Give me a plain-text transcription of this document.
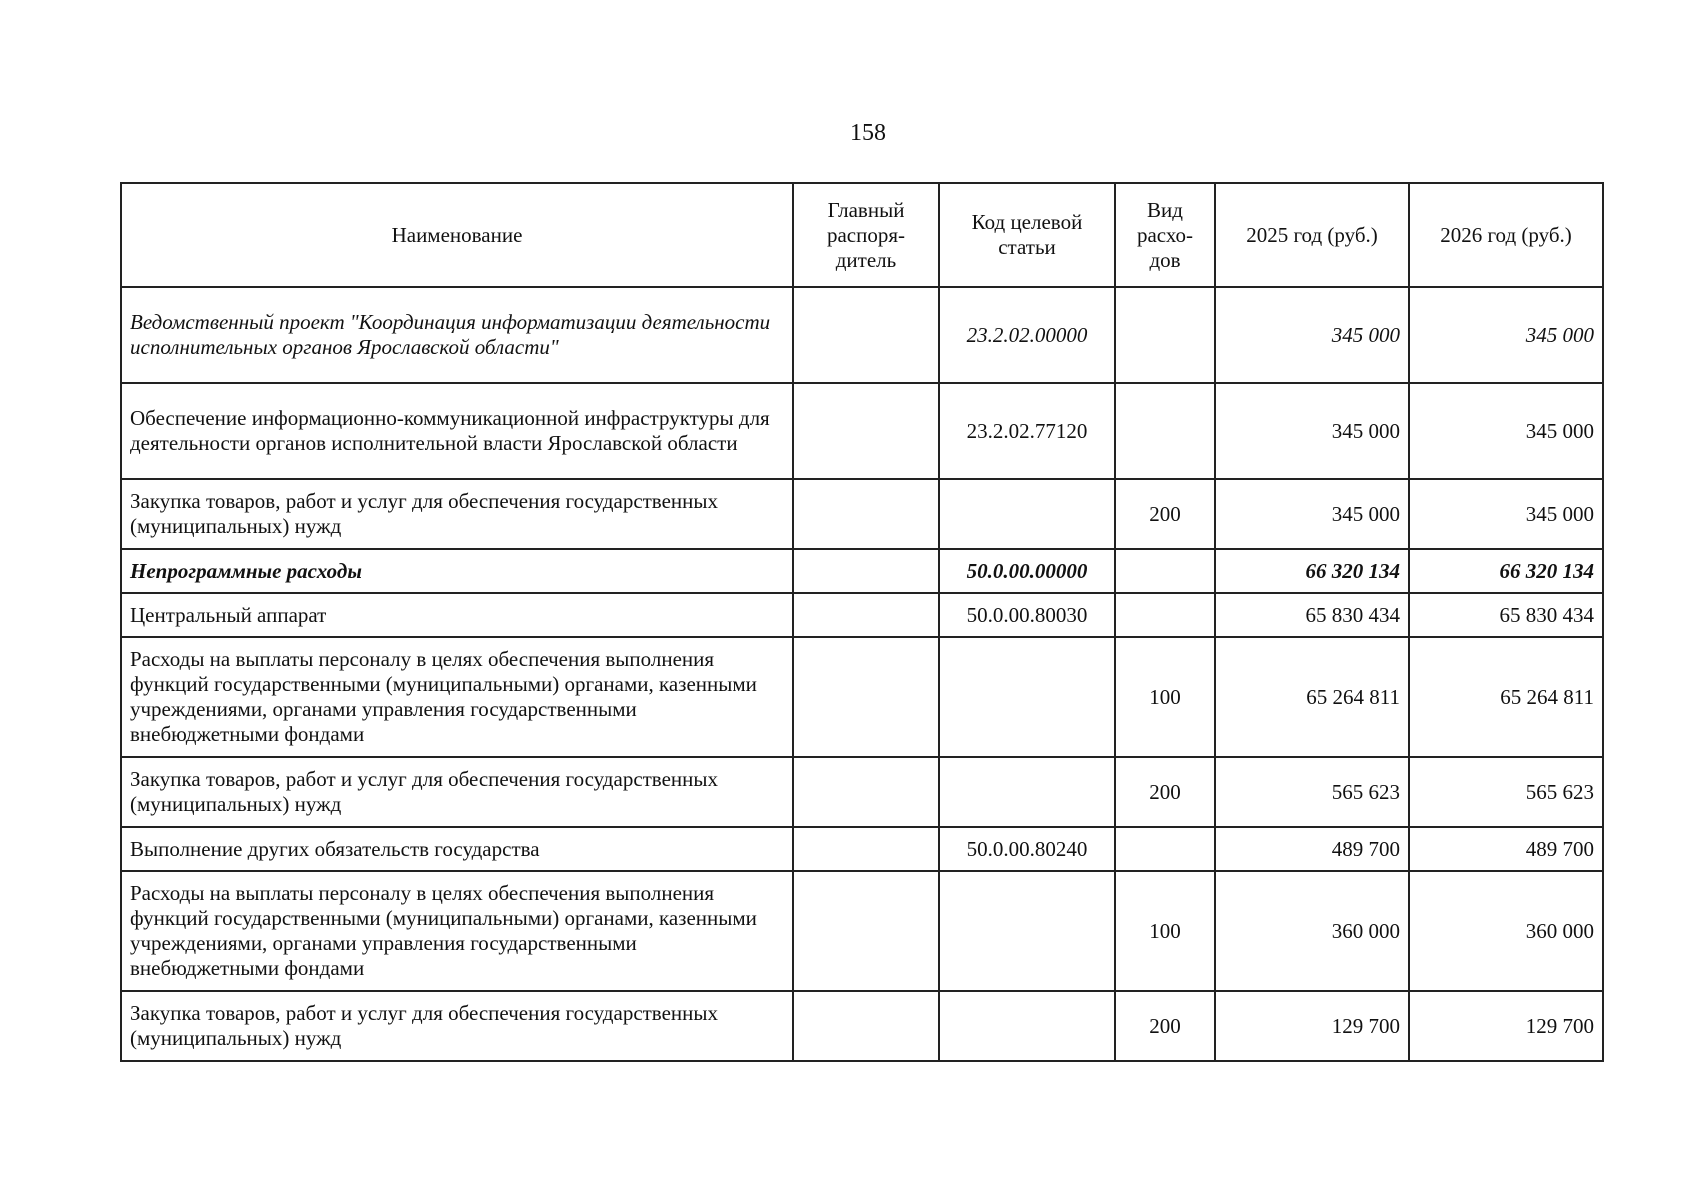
158
Наименование	Главный распоря- дитель	Код целевой статьи	Вид расхо- дов	2025 год (руб.)	2026 год (руб.)
Ведомственный проект "Координация информатизации деятельности исполнительных органов Ярославской области"		23.2.02.00000		345 000	345 000
Обеспечение информационно-коммуникационной инфраструктуры для деятельности органов исполнительной власти Ярославской области		23.2.02.77120		345 000	345 000
Закупка товаров, работ и услуг для обеспечения государственных (муниципальных) нужд			200	345 000	345 000
Непрограммные расходы		50.0.00.00000		66 320 134	66 320 134
Центральный аппарат		50.0.00.80030		65 830 434	65 830 434
Расходы на выплаты персоналу в целях обеспечения выполнения функций государственными (муниципальными) органами, казенными учреждениями, органами управления государственными внебюджетными фондами			100	65 264 811	65 264 811
Закупка товаров, работ и услуг для обеспечения государственных (муниципальных) нужд			200	565 623	565 623
Выполнение других обязательств государства		50.0.00.80240		489 700	489 700
Расходы на выплаты персоналу в целях обеспечения выполнения функций государственными (муниципальными) органами, казенными учреждениями, органами управления государственными внебюджетными фондами			100	360 000	360 000
Закупка товаров, работ и услуг для обеспечения государственных (муниципальных) нужд			200	129 700	129 700
